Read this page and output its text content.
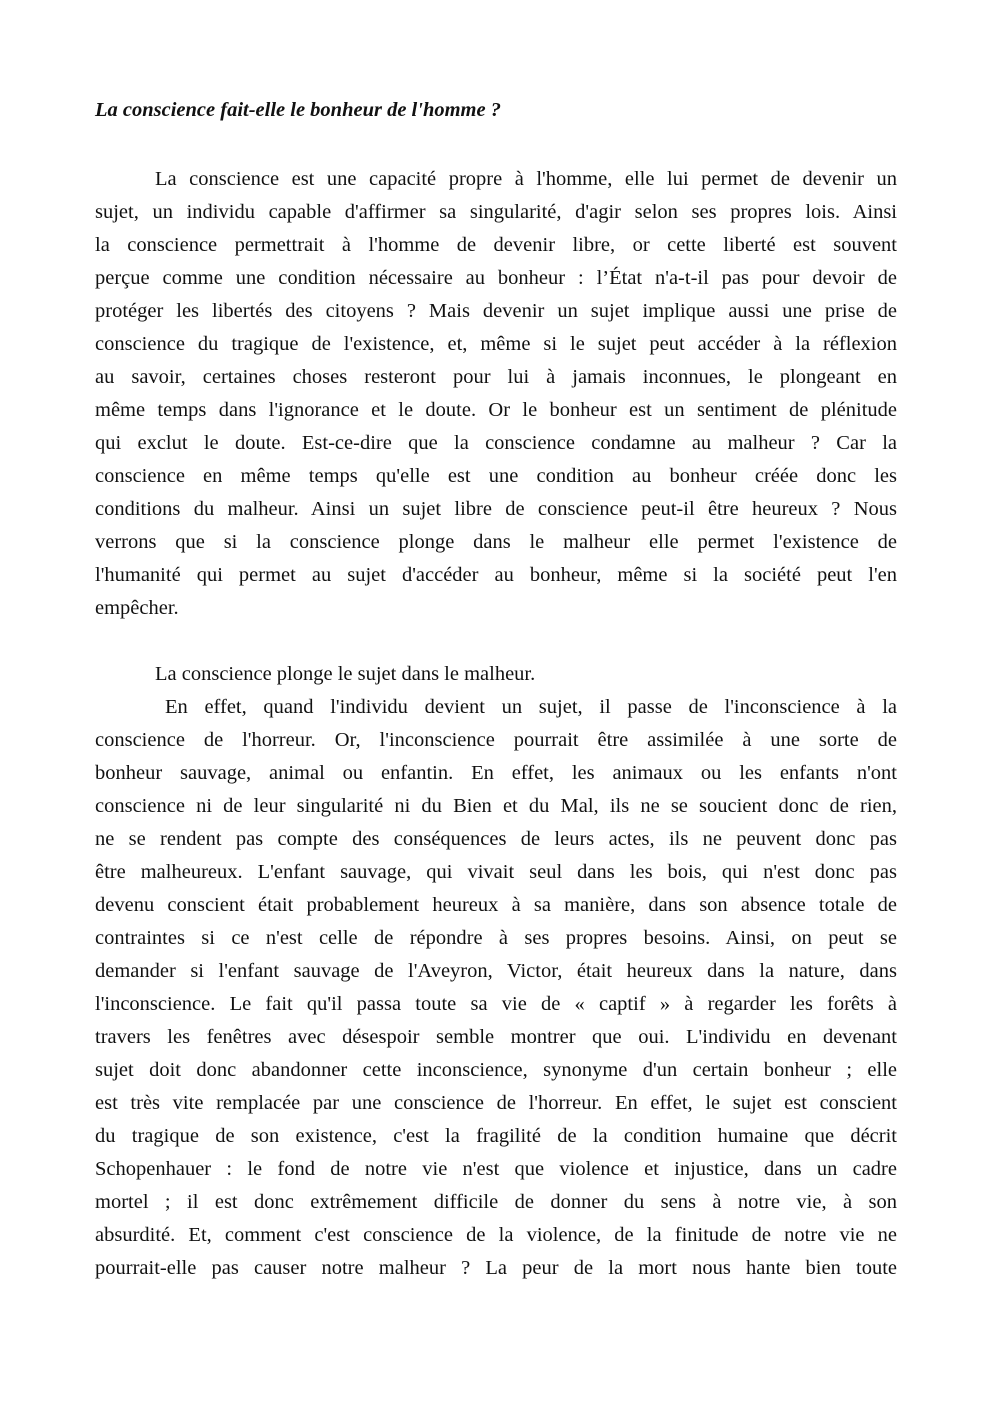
La conscience fait-elle le bonheur de l'homme ?
La conscience est une capacité propre à l'homme, elle lui permet de devenir un
sujet, un individu capable d'affirmer sa singularité, d'agir selon ses propres lois. Ainsi
la conscience permettrait à l'homme de devenir libre, or cette liberté est souvent
perçue comme une condition nécessaire au bonheur : l’État n'a-t-il pas pour devoir de
protéger les libertés des citoyens ? Mais devenir un sujet implique aussi une prise de
conscience du tragique de l'existence, et, même si le sujet peut accéder à la réflexion
au savoir, certaines choses resteront pour lui à jamais inconnues, le plongeant en
même temps dans l'ignorance et le doute. Or le bonheur est un sentiment de plénitude
qui exclut le doute. Est-ce-dire que la conscience condamne au malheur ? Car la
conscience en même temps qu'elle est une condition au bonheur créée donc les
conditions du malheur. Ainsi un sujet libre de conscience peut-il être heureux ? Nous
verrons que si la conscience plonge dans le malheur elle permet l'existence de
l'humanité qui permet au sujet d'accéder au bonheur, même si la société peut l'en
empêcher.
La conscience plonge le sujet dans le malheur.
En effet, quand l'individu devient un sujet, il passe de l'inconscience à la
conscience de l'horreur. Or, l'inconscience pourrait être assimilée à une sorte de
bonheur sauvage, animal ou enfantin. En effet, les animaux ou les enfants n'ont
conscience ni de leur singularité ni du Bien et du Mal, ils ne se soucient donc de rien,
ne se rendent pas compte des conséquences de leurs actes, ils ne peuvent donc pas
être malheureux. L'enfant sauvage, qui vivait seul dans les bois, qui n'est donc pas
devenu conscient était probablement heureux à sa manière, dans son absence totale de
contraintes si ce n'est celle de répondre à ses propres besoins. Ainsi, on peut se
demander si l'enfant sauvage de l'Aveyron, Victor, était heureux dans la nature, dans
l'inconscience. Le fait qu'il passa toute sa vie de « captif » à regarder les forêts à
travers les fenêtres avec désespoir semble montrer que oui. L'individu en devenant
sujet doit donc abandonner cette inconscience, synonyme d'un certain bonheur ; elle
est très vite remplacée par une conscience de l'horreur. En effet, le sujet est conscient
du tragique de son existence, c'est la fragilité de la condition humaine que décrit
Schopenhauer : le fond de notre vie n'est que violence et injustice, dans un cadre
mortel ; il est donc extrêmement difficile de donner du sens à notre vie, à son
absurdité. Et, comment c'est conscience de la violence, de la finitude de notre vie ne
pourrait-elle pas causer notre malheur ? La peur de la mort nous hante bien toute
